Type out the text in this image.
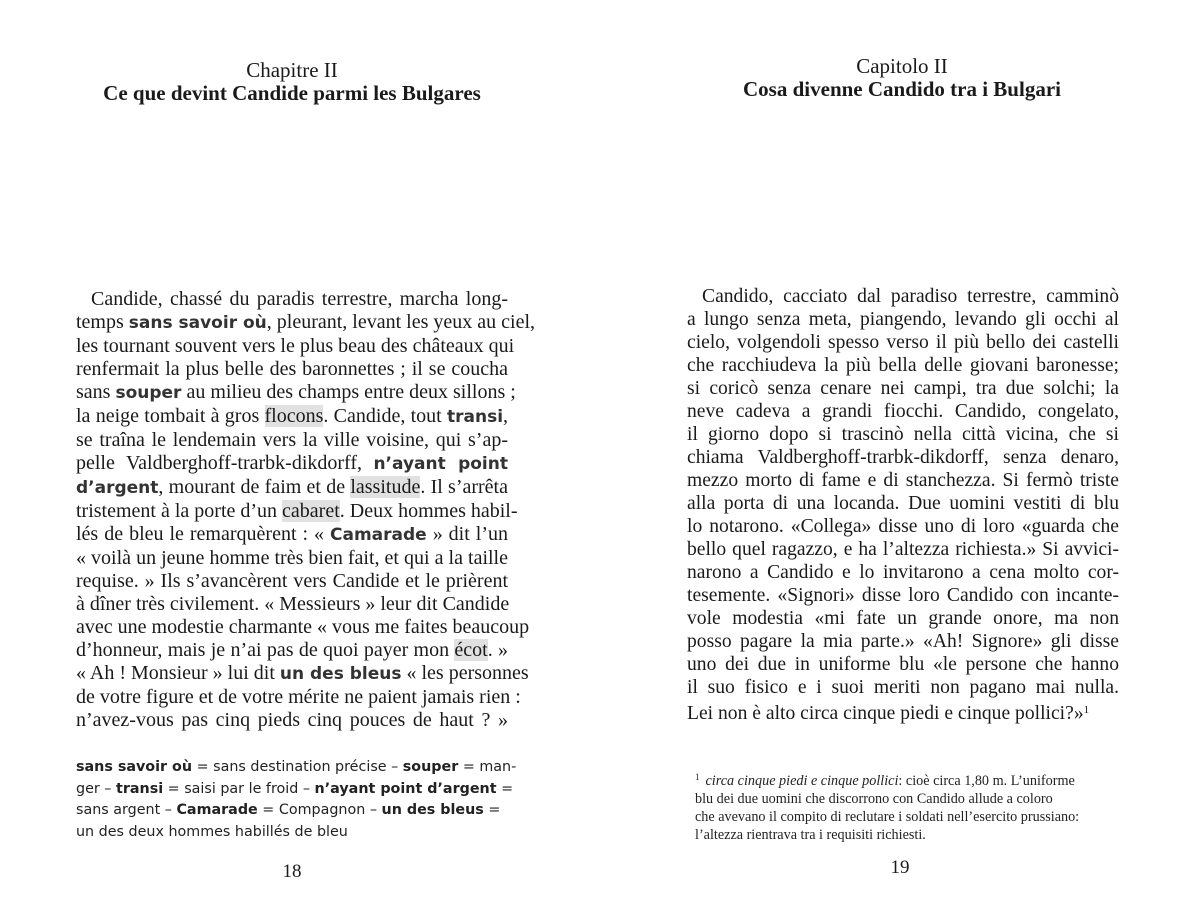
Chapitre II
Ce que devint Candide parmi les Bulgares
Candide, chassé du paradis terrestre, marcha long-
temps sans savoir où, pleurant, levant les yeux au ciel,
les tournant souvent vers le plus beau des châteaux qui
renfermait la plus belle des baronnettes ; il se coucha
sans souper au milieu des champs entre deux sillons ;
la neige tombait à gros flocons. Candide, tout transi,
se traîna le lendemain vers la ville voisine, qui s’ap-
pelle Valdberghoff-trarbk-dikdorff, n’ayant point
d’argent, mourant de faim et de lassitude. Il s’arrêta
tristement à la porte d’un cabaret. Deux hommes habil-
lés de bleu le remarquèrent : « Camarade » dit l’un
« voilà un jeune homme très bien fait, et qui a la taille
requise. » Ils s’avancèrent vers Candide et le prièrent
à dîner très civilement. « Messieurs » leur dit Candide
avec une modestie charmante « vous me faites beaucoup
d’honneur, mais je n’ai pas de quoi payer mon écot. »
« Ah ! Monsieur » lui dit un des bleus « les personnes
de votre figure et de votre mérite ne paient jamais rien :
n’avez-vous pas cinq pieds cinq pouces de haut ? »
sans savoir où = sans destination précise – souper = man-
ger – transi = saisi par le froid – n’ayant point d’argent =
sans argent – Camarade = Compagnon – un des bleus =
un des deux hommes habillés de bleu
18
Capitolo II
Cosa divenne Candido tra i Bulgari
Candido, cacciato dal paradiso terrestre, camminò
a lungo senza meta, piangendo, levando gli occhi al
cielo, volgendoli spesso verso il più bello dei castelli
che racchiudeva la più bella delle giovani baronesse;
si coricò senza cenare nei campi, tra due solchi; la
neve cadeva a grandi fiocchi. Candido, congelato,
il giorno dopo si trascinò nella città vicina, che si
chiama Valdberghoff-trarbk-dikdorff, senza denaro,
mezzo morto di fame e di stanchezza. Si fermò triste
alla porta di una locanda. Due uomini vestiti di blu
lo notarono. «Collega» disse uno di loro «guarda che
bello quel ragazzo, e ha l’altezza richiesta.» Si avvici-
narono a Candido e lo invitarono a cena molto cor-
tesemente. «Signori» disse loro Candido con incante-
vole modestia «mi fate un grande onore, ma non
posso pagare la mia parte.» «Ah! Signore» gli disse
uno dei due in uniforme blu «le persone che hanno
il suo fisico e i suoi meriti non pagano mai nulla.
Lei non è alto circa cinque piedi e cinque pollici?»$^1$
$^1$ circa cinque piedi e cinque pollici: cioè circa 1,80 m. L’uniforme
blu dei due uomini che discorrono con Candido allude a coloro
che avevano il compito di reclutare i soldati nell’esercito prussiano:
l’altezza rientrava tra i requisiti richiesti.
19
